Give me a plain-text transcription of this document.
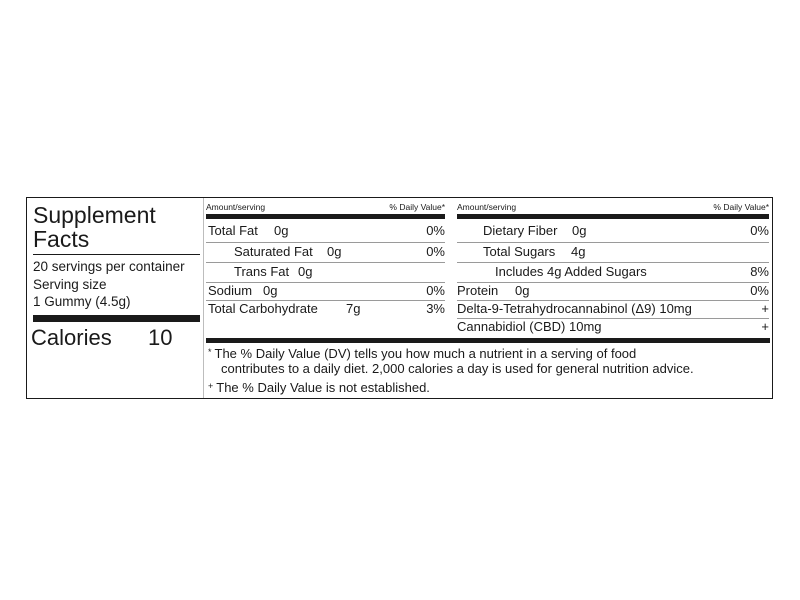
Supplement Facts
20 servings per container
Serving size
1 Gummy (4.5g)
Calories 10
Amount/serving	% Daily Value*
Total Fat 0g	0%
Saturated Fat 0g	0%
Trans Fat 0g
Sodium 0g	0%
Total Carbohydrate 7g	3%
Amount/serving	% Daily Value*
Dietary Fiber 0g	0%
Total Sugars 4g
Includes 4g Added Sugars	8%
Protein 0g	0%
Delta-9-Tetrahydrocannabinol (Δ9) 10mg	+
Cannabidiol (CBD) 10mg	+
* The % Daily Value (DV) tells you how much a nutrient in a serving of food
contributes to a daily diet. 2,000 calories a day is used for general nutrition advice.
+ The % Daily Value is not established.
